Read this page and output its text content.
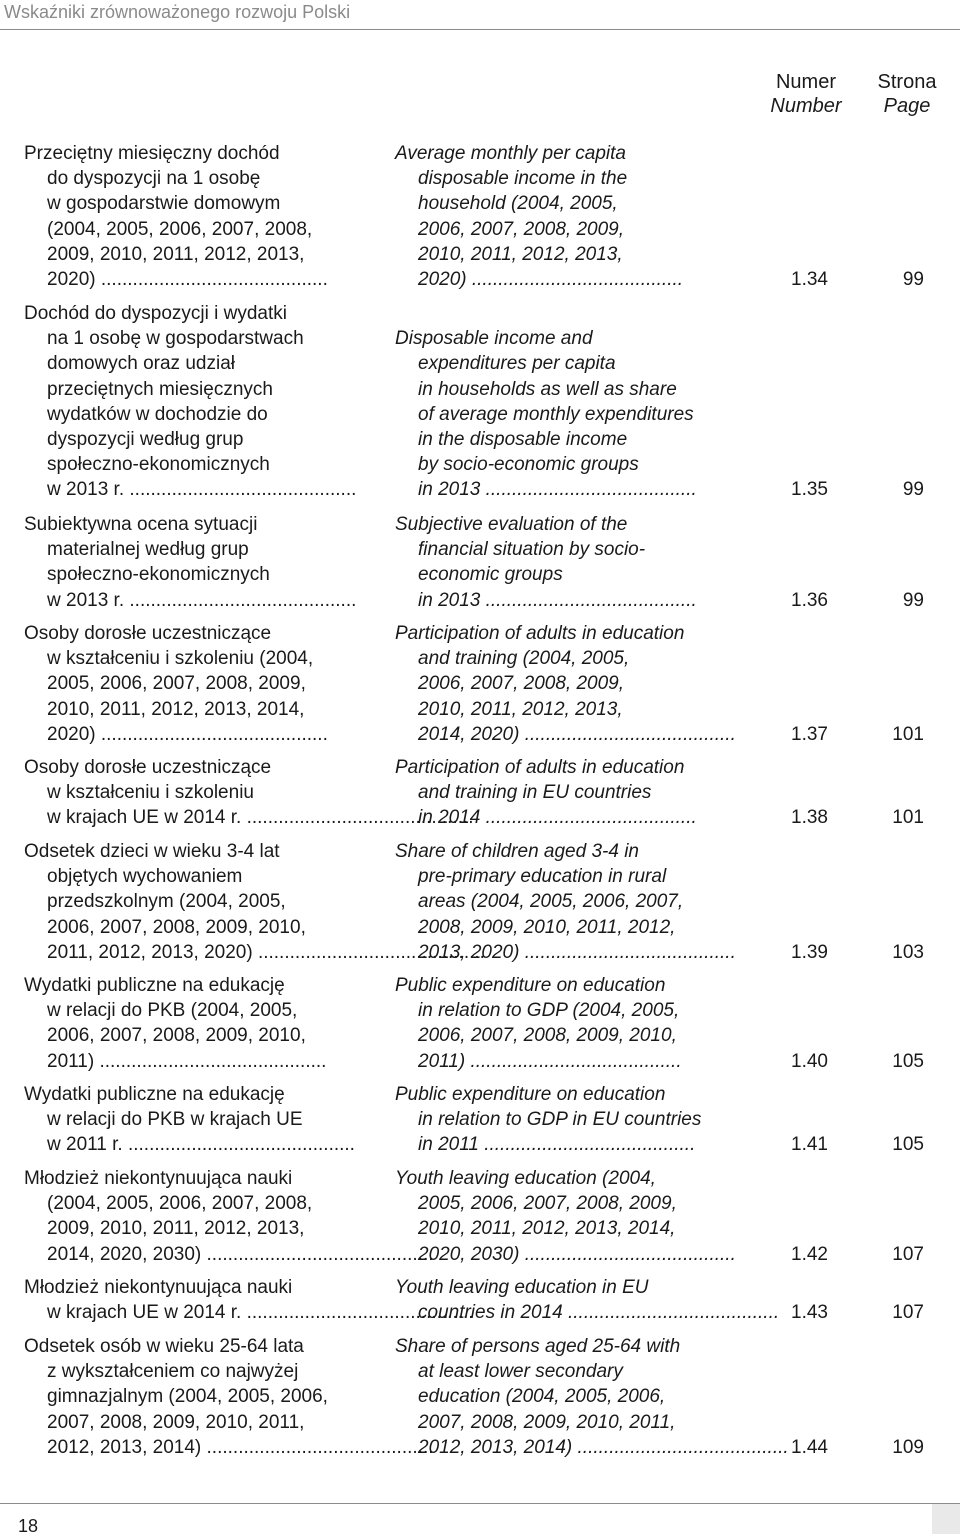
Wskaźniki zrównoważonego rozwoju Polski
Numer
Number
Strona
Page
Przeciętny miesięczny dochód
do dyspozycji na 1 osobę
w gospodarstwie domowym
(2004, 2005, 2006, 2007, 2008,
2009, 2010, 2011, 2012, 2013,
2020) ...........................................
Average monthly per capita
disposable income in the
household (2004, 2005,
2006, 2007, 2008, 2009,
2010, 2011, 2012, 2013,
2020) ........................................	1.34	99
Dochód do dyspozycji i wydatki
na 1 osobę w gospodarstwach
domowych oraz udział
przeciętnych miesięcznych
wydatków w dochodzie do
dyspozycji według grup
społeczno-ekonomicznych
w 2013 r. ...........................................
Disposable income and
expenditures per capita
in households as well as share
of average monthly expenditures
in the disposable income
by socio-economic groups
in 2013 ........................................	1.35	99
Subiektywna ocena sytuacji
materialnej według grup
społeczno-ekonomicznych
w 2013 r. ...........................................
Subjective evaluation of the
financial situation by socio-
economic groups
in 2013 ........................................	1.36	99
Osoby dorosłe uczestniczące
w kształceniu i szkoleniu (2004,
2005, 2006, 2007, 2008, 2009,
2010, 2011, 2012, 2013, 2014,
2020) ...........................................
Participation of adults in education
and training (2004, 2005,
2006, 2007, 2008, 2009,
2010, 2011, 2012, 2013,
2014, 2020) ........................................	1.37	101
Osoby dorosłe uczestniczące
w kształceniu i szkoleniu
w krajach UE w 2014 r. ...........................................
Participation of adults in education
and training in EU countries
in 2014 ........................................	1.38	101
Odsetek dzieci w wieku 3-4 lat
objętych wychowaniem
przedszkolnym (2004, 2005,
2006, 2007, 2008, 2009, 2010,
2011, 2012, 2013, 2020) ...........................................
Share of children aged 3-4 in
pre-primary education in rural
areas (2004, 2005, 2006, 2007,
2008, 2009, 2010, 2011, 2012,
2013, 2020) ........................................	1.39	103
Wydatki publiczne na edukację
w relacji do PKB (2004, 2005,
2006, 2007, 2008, 2009, 2010,
2011) ...........................................
Public expenditure on education
in relation to GDP (2004, 2005,
2006, 2007, 2008, 2009, 2010,
2011) ........................................	1.40	105
Wydatki publiczne na edukację
w relacji do PKB w krajach UE
w 2011 r. ...........................................
Public expenditure on education
in relation to GDP in EU countries
in 2011 ........................................	1.41	105
Młodzież niekontynuująca nauki
(2004, 2005, 2006, 2007, 2008,
2009, 2010, 2011, 2012, 2013,
2014, 2020, 2030) ...........................................
Youth leaving education (2004,
2005, 2006, 2007, 2008, 2009,
2010, 2011, 2012, 2013, 2014,
2020, 2030) ........................................	1.42	107
Młodzież niekontynuująca nauki
w krajach UE w 2014 r. ...........................................
Youth leaving education in EU
countries in 2014 ........................................ 1.43	107
Odsetek osób w wieku 25-64 lata
z wykształceniem co najwyżej
gimnazjalnym (2004, 2005, 2006,
2007, 2008, 2009, 2010, 2011,
2012, 2013, 2014) ...........................................
Share of persons aged 25-64 with
at least lower secondary
education (2004, 2005, 2006,
2007, 2008, 2009, 2010, 2011,
2012, 2013, 2014) ........................................ 1.44	109
18
